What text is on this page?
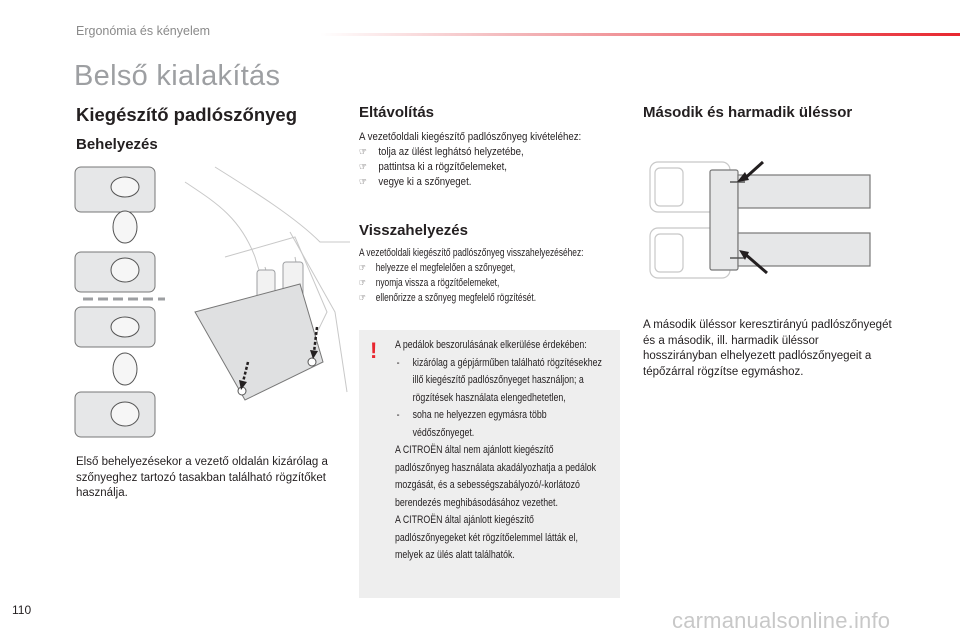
Ergonómia és kényelem
Belső kialakítás
Kiegészítő padlószőnyeg
Behelyezés
Első behelyezésekor a vezető oldalán kizárólag a szőnyeghez tartozó tasakban található rögzítőket használja.
Eltávolítás
A vezetőoldali kiegészítő padlószőnyeg kivételéhez:
☞ tolja az ülést leghátsó helyzetébe,
☞ pattintsa ki a rögzítőelemeket,
☞ vegye ki a szőnyeget.
Visszahelyezés
A vezetőoldali kiegészítő padlószőnyeg visszahelyezéséhez:
☞ helyezze el megfelelően a szőnyeget,
☞ nyomja vissza a rögzítőelemeket,
☞ ellenőrizze a szőnyeg megfelelő rögzítését.
! A pedálok beszorulásának elkerülése érdekében:
- kizárólag a gépjárműben található rögzítésekhez illő kiegészítő padlószőnyeget használjon; a rögzítések használata elengedhetetlen,
- soha ne helyezzen egymásra több védőszőnyeget.
A CITROËN által nem ajánlott kiegészítő padlószőnyeg használata akadályozhatja a pedálok mozgását, és a sebességszabályozó/-korlátozó berendezés meghibásodásához vezethet.
A CITROËN által ajánlott kiegészítő padlószőnyegeket két rögzítőelemmel látták el, melyek az ülés alatt találhatók.
Második és harmadik üléssor
A második üléssor keresztirányú padlószőnyegét és a második, ill. harmadik üléssor hosszirányban elhelyezett padlószőnyegeit a tépőzárral rögzítse egymáshoz.
110	carmanualsonline.info
